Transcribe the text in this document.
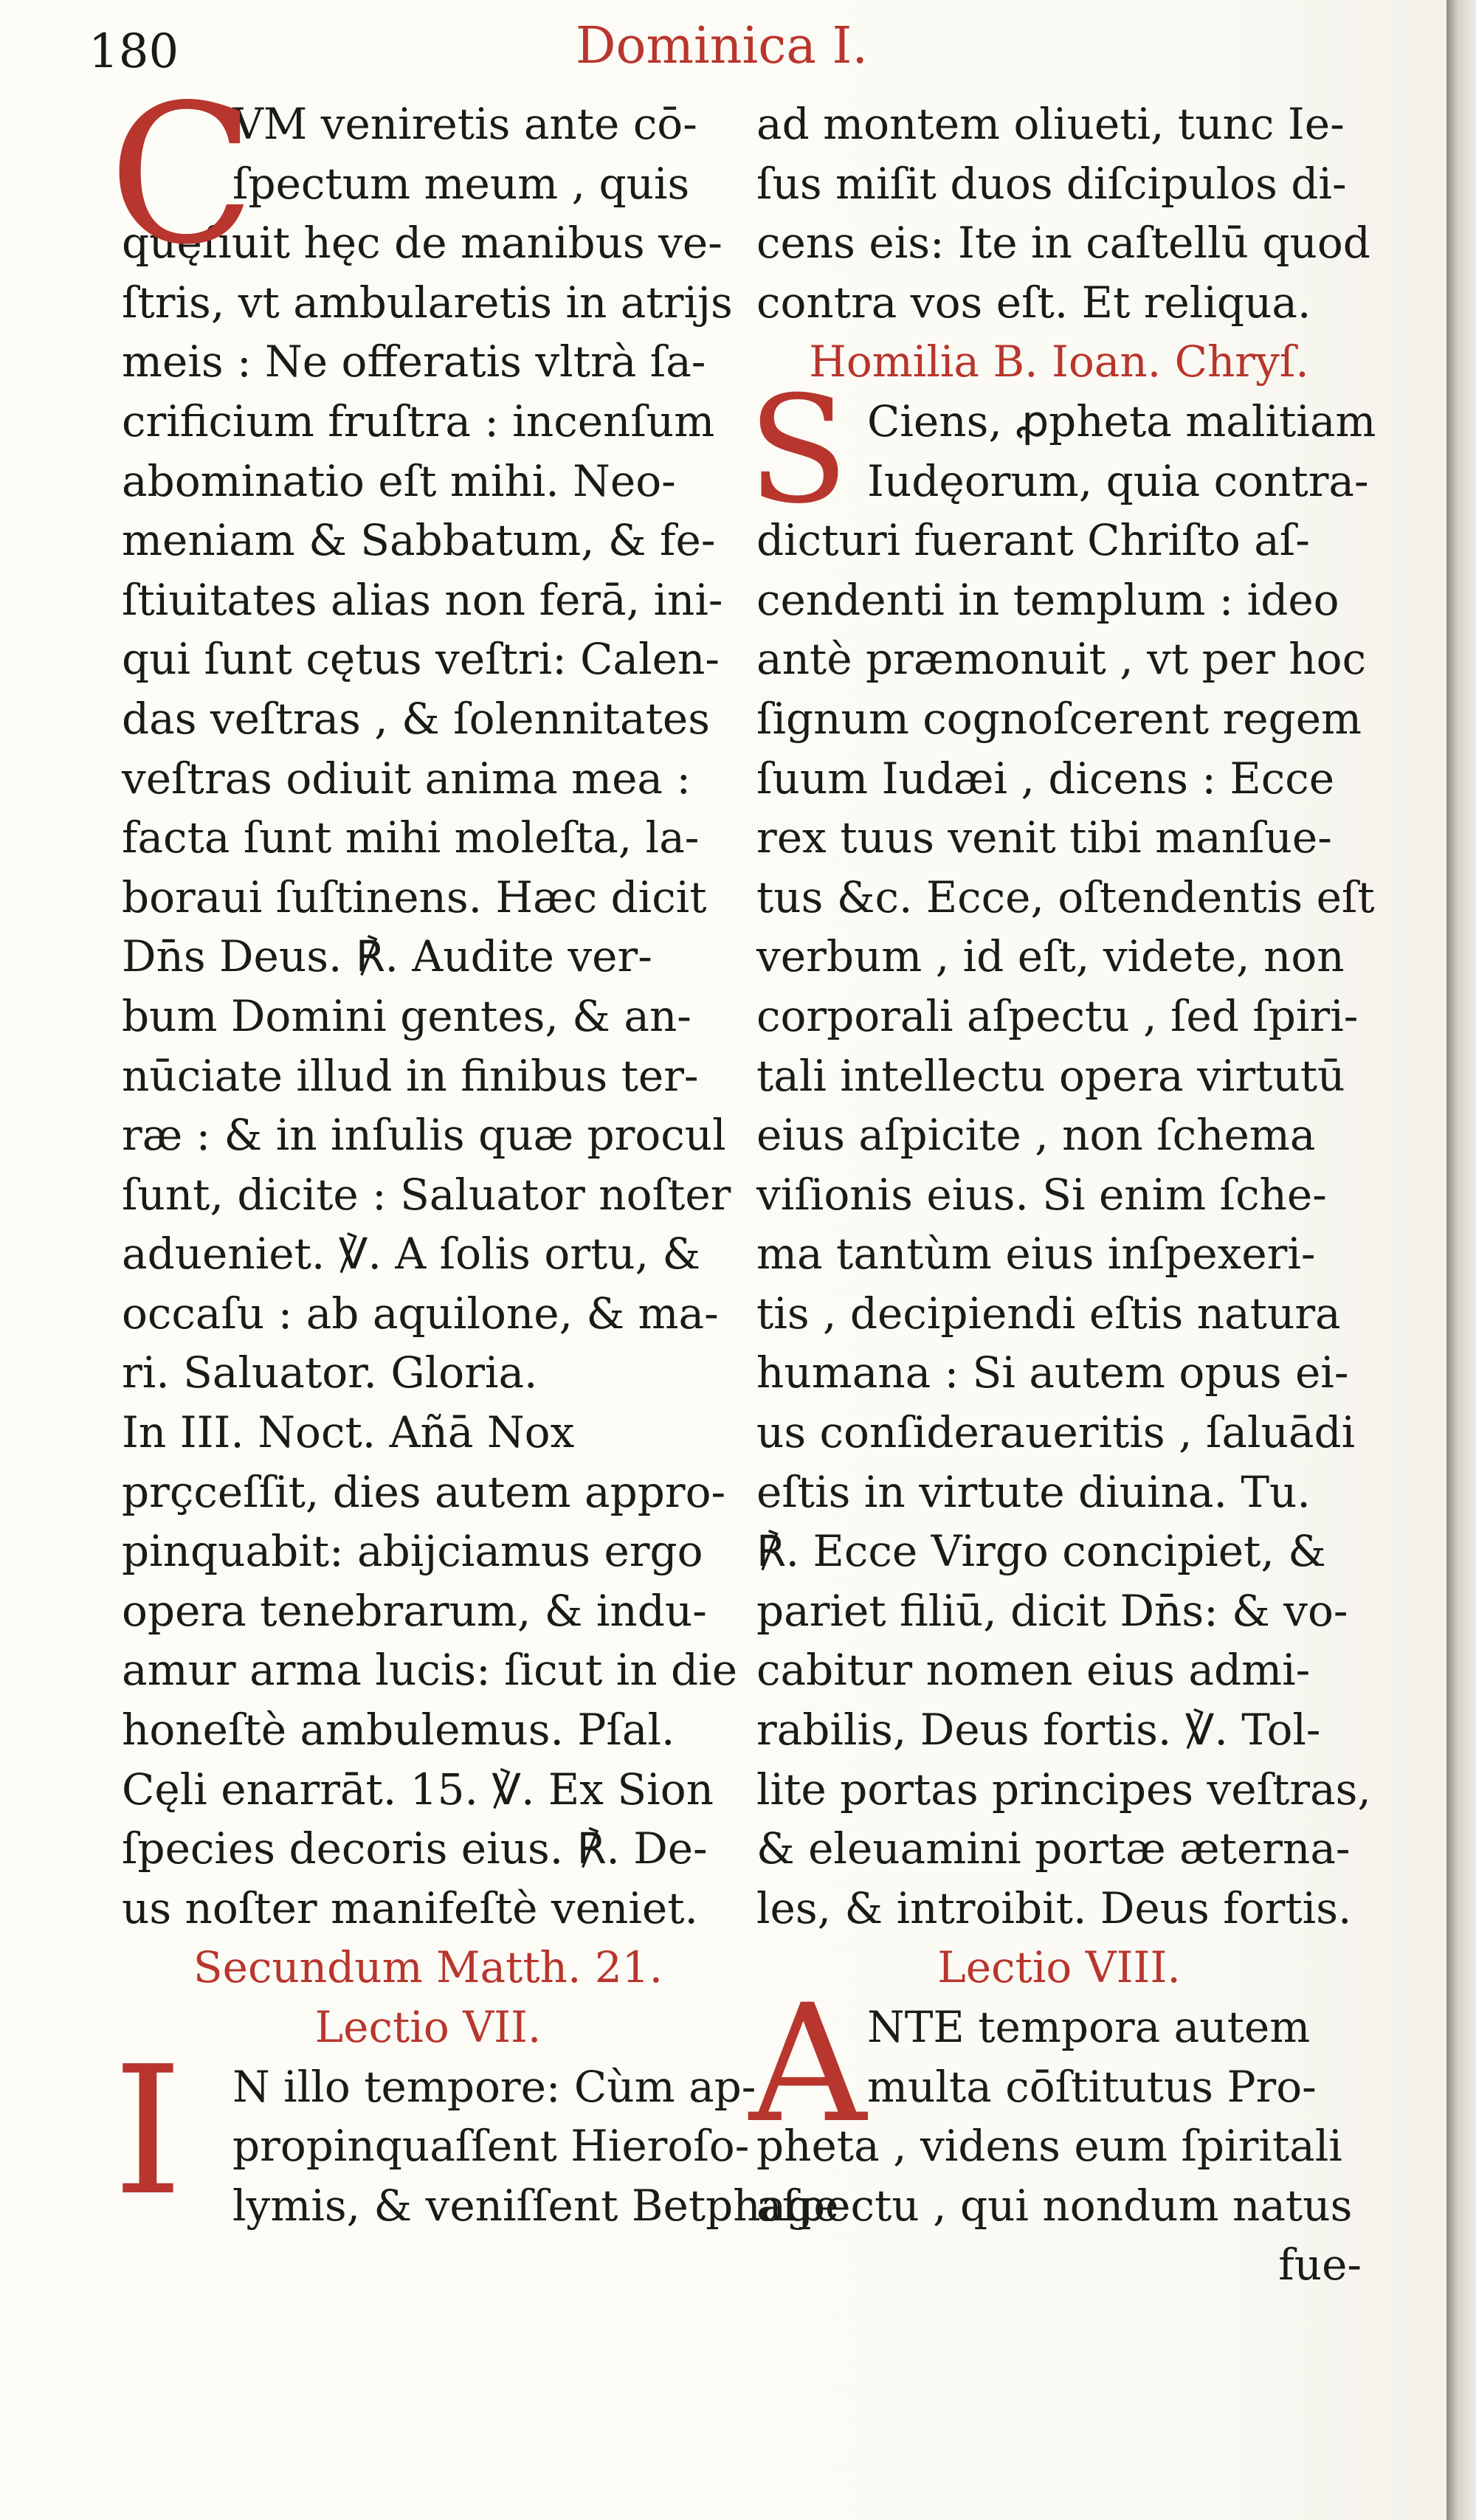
180	Dominica I.
C
VM veniretis ante cō-
ſpectum meum , quis
quęſiuit hęc de manibus ve-
ſtris, vt ambularetis in atrijs
meis : Ne offeratis vltrà ſa-
crificium fruſtra : incenſum
abominatio eſt mihi. Neo-
meniam & Sabbatum, & fe-
ſtiuitates alias non ferā, ini-
qui ſunt cętus veſtri: Calen-
das veſtras , & ſolennitates
veſtras odiuit anima mea :
facta ſunt mihi moleſta, la-
boraui ſuſtinens. Hæc dicit
Dn̄s Deus. ℟. Audite ver-
bum Domini gentes, & an-
nūciate illud in finibus ter-
ræ : & in inſulis quæ procul
ſunt, dicite : Saluator noſter
adueniet. ℣. A ſolis ortu, &
occaſu : ab aquilone, & ma-
ri. Saluator. Gloria.
In III. Noct. Añā Nox
prçceſſit, dies autem appro-
pinquabit: abijciamus ergo
opera tenebrarum, & indu-
amur arma lucis: ſicut in die
honeſtè ambulemus. Pſal.
Cęli enarrāt. 15. ℣. Ex Sion
ſpecies decoris eius. ℟. De-
us noſter manifeſtè veniet.
Secundum Matth. 21.
Lectio VII.
I	N illo tempore: Cùm ap-
propinquaſſent Hieroſo-
lymis, & veniſſent Betphage
ad montem oliueti, tunc Ie-
ſus miſit duos diſcipulos di-
cens eis: Ite in caſtellū quod
contra vos eſt. Et reliqua.
Homilia B. Ioan. Chryſ.
S Ciens, ꝓpheta malitiam
Iudęorum, quia contra-
dicturi fuerant Chriſto aſ-
cendenti in templum : ideo
antè præmonuit , vt per hoc
ſignum cognoſcerent regem
ſuum Iudæi , dicens : Ecce
rex tuus venit tibi manſue-
tus &c. Ecce, oſtendentis eſt
verbum , id eſt, videte, non
corporali aſpectu , ſed ſpiri-
tali intellectu opera virtutū
eius aſpicite , non ſchema
viſionis eius. Si enim ſche-
ma tantùm eius inſpexeri-
tis , decipiendi eſtis natura
humana : Si autem opus ei-
us conſideraueritis , ſaluādi
eſtis in virtute diuina. Tu.
℟. Ecce Virgo concipiet, &
pariet filiū, dicit Dn̄s: & vo-
cabitur nomen eius admi-
rabilis, Deus fortis. ℣. Tol-
lite portas principes veſtras,
& eleuamini portæ æterna-
les, & introibit. Deus fortis.
Lectio VIII.
A NTE tempora autem
multa cōſtitutus Pro-
pheta , videns eum ſpiritali
aſpectu , qui nondum natus
fue-
